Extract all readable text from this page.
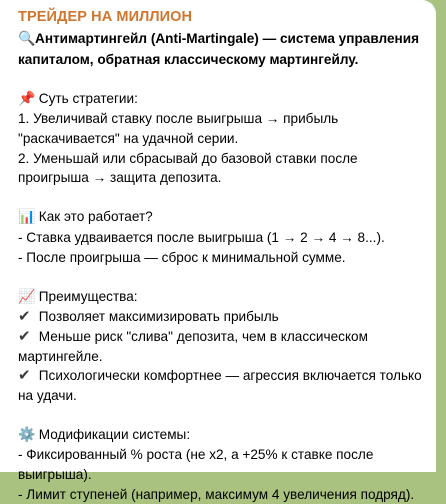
ТРЕЙДЕР НА МИЛЛИОН
🔍Антимартингейл (Anti-Martingale) — система управления
капиталом, обратная классическому мартингейлу.
📌 Суть стратегии:
1. Увеличивай ставку после выигрыша → прибыль
"раскачивается" на удачной серии.
2. Уменьшай или сбрасывай до базовой ставки после
проигрыша → защита депозита.
📊 Как это работает?
- Ставка удваивается после выигрыша (1 → 2 → 4 → 8...).
- После проигрыша — сброс к минимальной сумме.
📈 Преимущества:
✔ Позволяет максимизировать прибыль
✔ Меньше риск "слива" депозита, чем в классическом
мартингейле.
✔ Психологически комфортнее — агрессия включается только
на удачи.
⚙️ Модификации системы:
- Фиксированный % роста (не x2, а +25% к ставке после
выигрыша).
- Лимит ступеней (например, максимум 4 увеличения подряд).
